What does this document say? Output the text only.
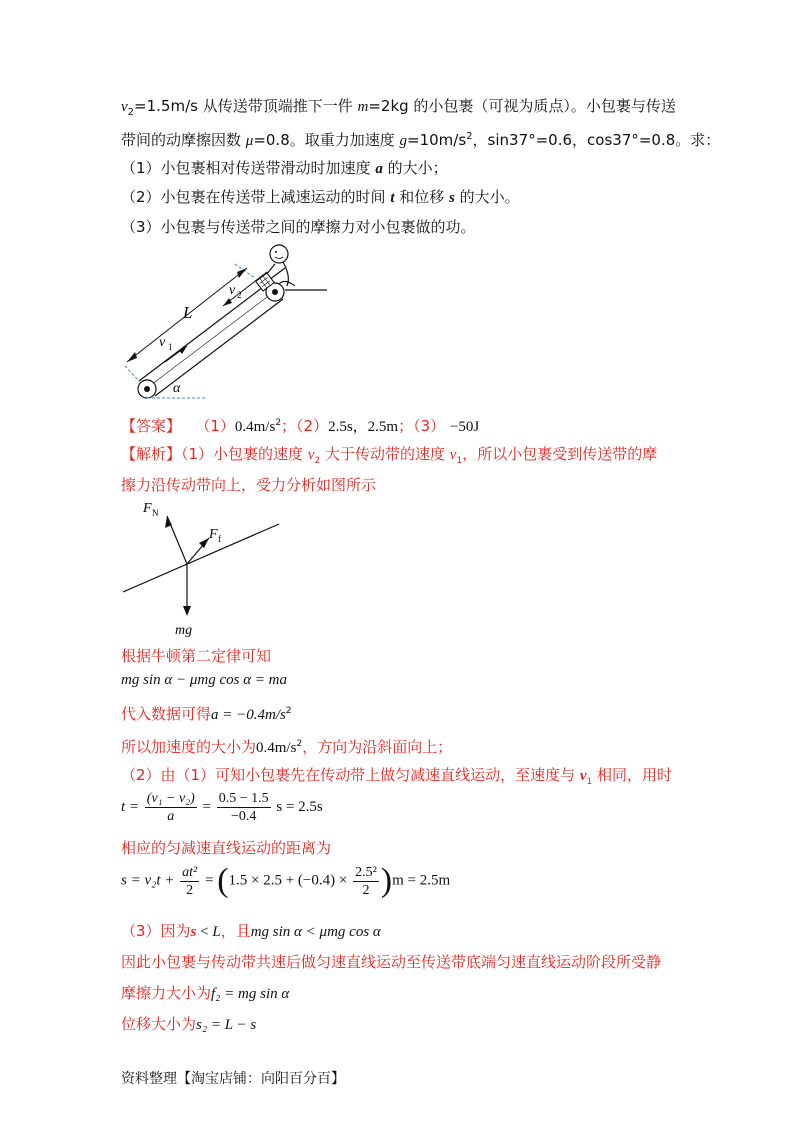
$v_2=1.5m/s$ 从传送带顶端推下一件 m=2kg 的小包裹（可视为质点）。小包裹与传送
带间的动摩擦因数 μ=0.8。取重力加速度 $g=10m/s^2$，sin37°=0.6，cos37°=0.8。求：
（1）小包裹相对传送带滑动时加速度 a 的大小；
（2）小包裹在传送带上减速运动的时间 t 和位移 s 的大小。
（3）小包裹与传送带之间的摩擦力对小包裹做的功。
L
v 2
v 1
α
【答案】 $(1)0.4m/s^2$；（2）2.5s，2.5m；（3） −50J
【解析】（1）小包裹的速度 $v_2$ 大于传动带的速度 $v_1$，所以小包裹受到传送带的摩
擦力沿传动带向上，受力分析如图所示
F N
F f
mg
根据牛顿第二定律可知
mg sin α − μmg cos α = ma
代入数据可得$a = -0.4m/s^2$
所以加速度的大小为$0.4m/s^2$，方向为沿斜面向上；
（2）由（1）可知小包裹先在传动带上做匀减速直线运动，至速度与 $v_1$ 相同，用时
$t = \frac{\text{(v₁ − v₂)}}{a} = \frac{0.5 - 1.5}{-0.4}$ s = 2.5s
相应的匀减速直线运动的距离为
$s = v_2t + \frac{\text{at²}}{2} = (1.5 \times 2.5 + (-0.4) \times \frac{\text{2.5²}}{2} )m = 2.5m$
（3）因为s < L，且mg sin α < μmg cos α
因此小包裹与传动带共速后做匀速直线运动至传送带底端匀速直线运动阶段所受静
摩擦力大小为f₂ = mg sin α
位移大小为s₂ = L − s
资料整理【淘宝店铺：向阳百分百】
